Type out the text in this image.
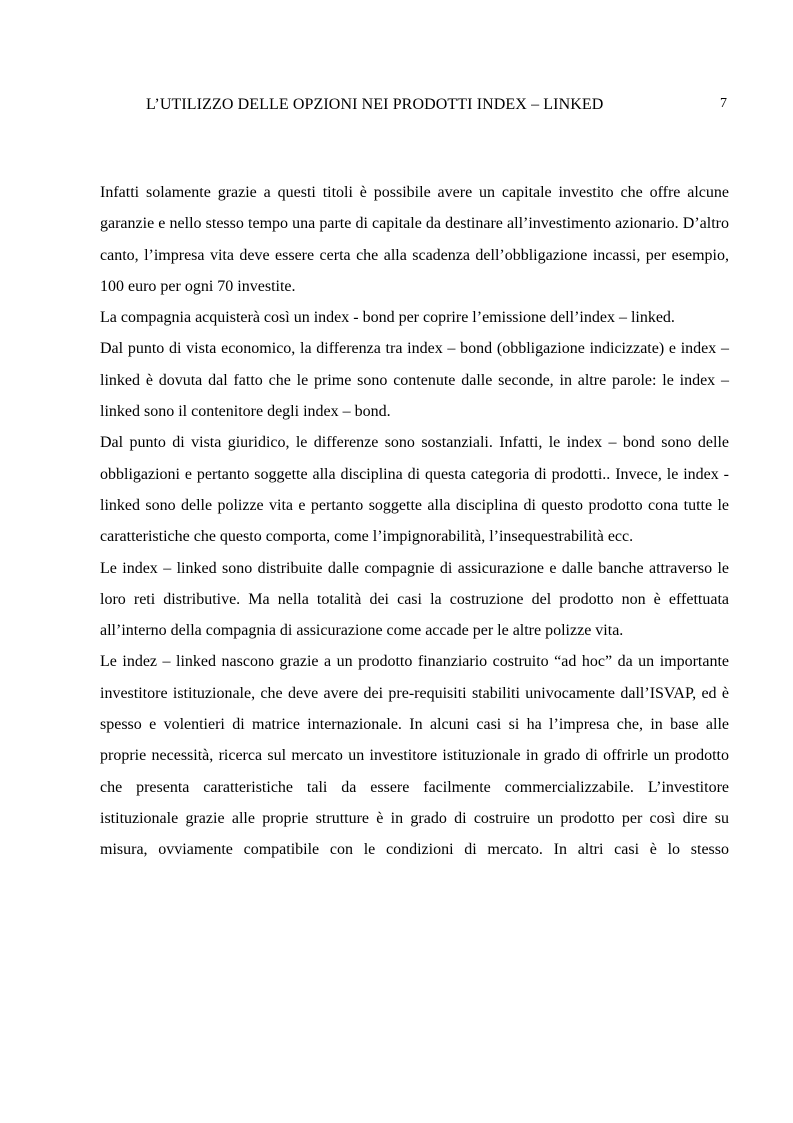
L’UTILIZZO DELLE OPZIONI NEI PRODOTTI INDEX – LINKED	7

Infatti solamente grazie a questi titoli è possibile avere un capitale investito che offre alcune garanzie e nello stesso tempo una parte di capitale da destinare all’investimento azionario. D’altro canto, l’impresa vita deve essere certa che alla scadenza dell’obbligazione incassi, per esempio, 100 euro per ogni 70 investite.

La compagnia acquisterà così un index - bond per coprire l’emissione dell’index – linked.

Dal punto di vista economico, la differenza tra index – bond (obbligazione indicizzate) e index – linked è dovuta dal fatto che le prime sono contenute dalle seconde, in altre parole: le index – linked sono il contenitore degli index – bond.

Dal punto di vista giuridico, le differenze sono sostanziali. Infatti, le index – bond sono delle obbligazioni e pertanto soggette alla disciplina di questa categoria di prodotti.. Invece, le index - linked sono delle polizze vita e pertanto soggette alla disciplina di questo prodotto cona tutte le caratteristiche che questo comporta, come l’impignorabilità, l’insequestrabilità ecc.

Le index – linked sono distribuite dalle compagnie di assicurazione e dalle banche attraverso le loro reti distributive. Ma nella totalità dei casi la costruzione del prodotto non è effettuata all’interno della compagnia di assicurazione come accade per le altre polizze vita.

Le indez – linked nascono grazie a un prodotto finanziario costruito “ad hoc” da un importante investitore istituzionale, che deve avere dei pre-requisiti stabiliti univocamente dall’ISVAP, ed è spesso e volentieri di matrice internazionale. In alcuni casi si ha l’impresa che, in base alle proprie necessità, ricerca sul mercato un investitore istituzionale in grado di offrirle un prodotto che presenta caratteristiche tali da essere facilmente commercializzabile. L’investitore istituzionale grazie alle proprie strutture è in grado di costruire un prodotto per così dire su misura, ovviamente compatibile con le condizioni di mercato. In altri casi è lo stesso
